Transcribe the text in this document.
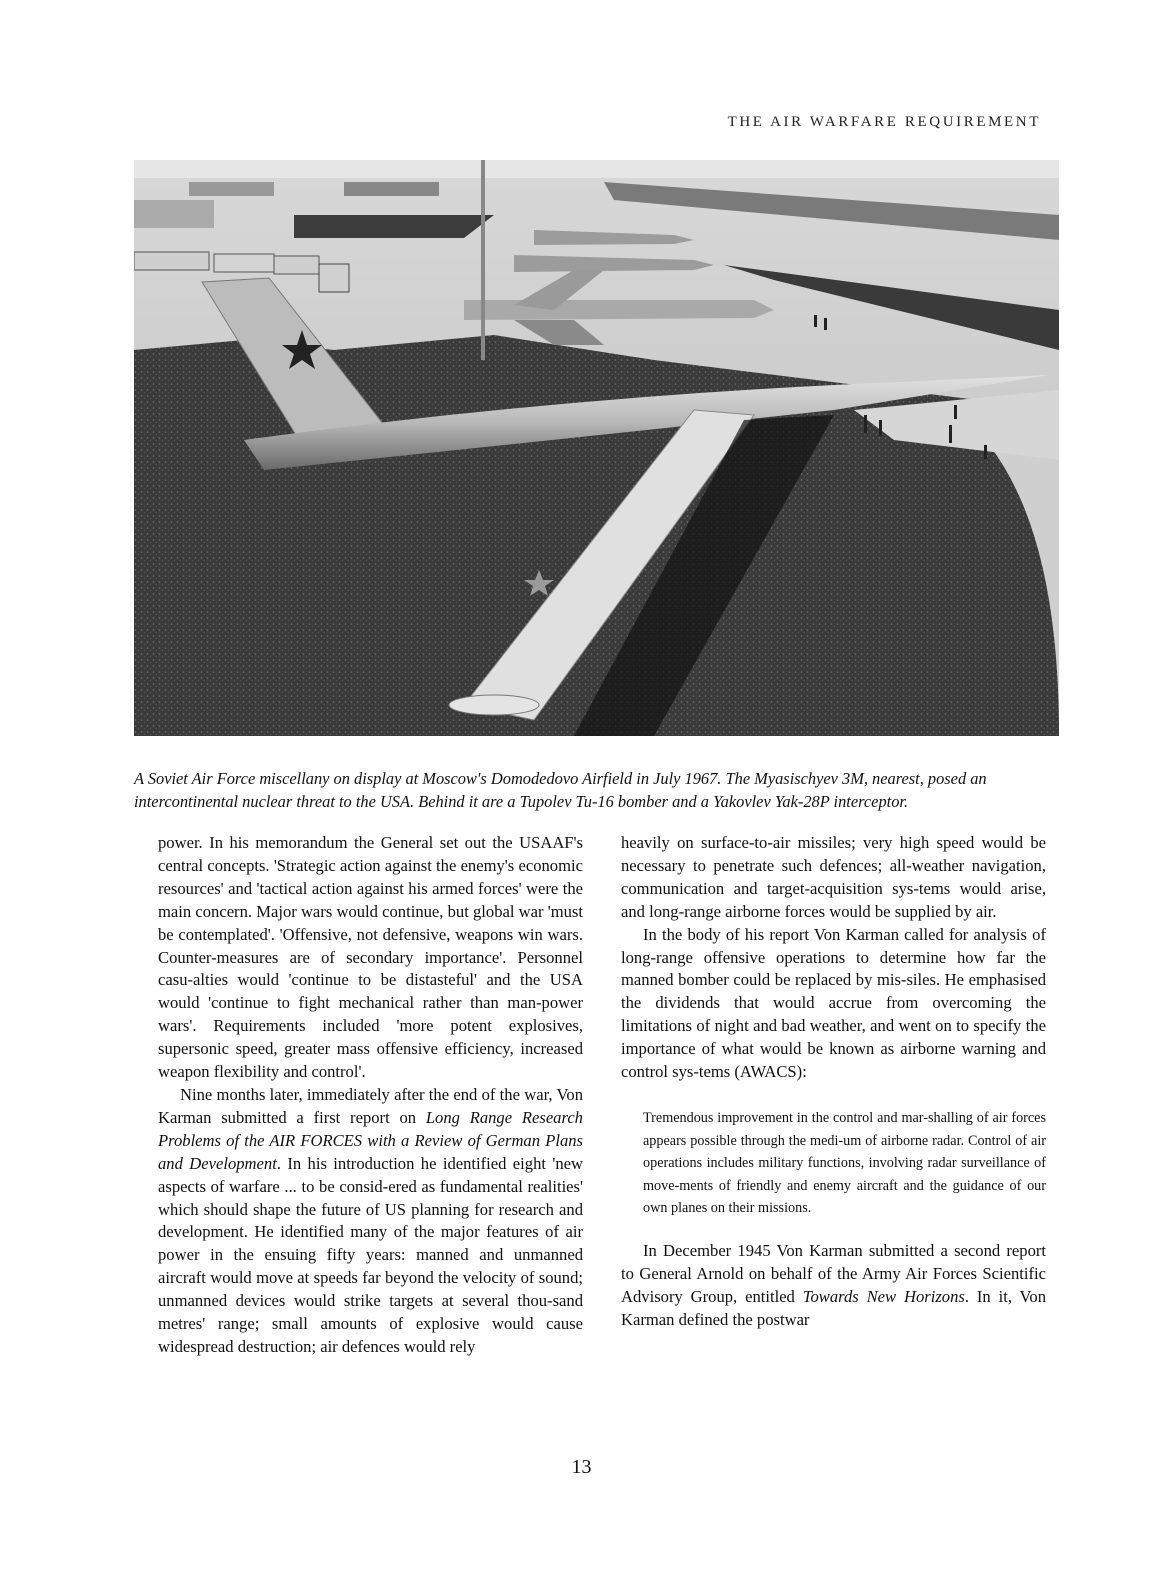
THE AIR WARFARE REQUIREMENT
A Soviet Air Force miscellany on display at Moscow's Domodedovo Airfield in July 1967. The Myasischyev 3M, nearest, posed an intercontinental nuclear threat to the USA. Behind it are a Tupolev Tu-16 bomber and a Yakovlev Yak-28P interceptor.

power. In his memorandum the General set out the USAAF's central concepts. 'Strategic action against the enemy's economic resources' and 'tactical action against his armed forces' were the main concern. Major wars would continue, but global war 'must be contemplated'. 'Offensive, not defensive, weapons win wars. Counter-measures are of secondary importance'. Personnel casu-alties would 'continue to be distasteful' and the USA would 'continue to fight mechanical rather than man-power wars'. Requirements included 'more potent explosives, supersonic speed, greater mass offensive efficiency, increased weapon flexibility and control'.

Nine months later, immediately after the end of the war, Von Karman submitted a first report on Long Range Research Problems of the AIR FORCES with a Review of German Plans and Development. In his introduction he identified eight 'new aspects of warfare ... to be consid-ered as fundamental realities' which should shape the future of US planning for research and development. He identified many of the major features of air power in the ensuing fifty years: manned and unmanned aircraft would move at speeds far beyond the velocity of sound; unmanned devices would strike targets at several thou-sand metres' range; small amounts of explosive would cause widespread destruction; air defences would rely

heavily on surface-to-air missiles; very high speed would be necessary to penetrate such defences; all-weather navigation, communication and target-acquisition sys-tems would arise, and long-range airborne forces would be supplied by air.

In the body of his report Von Karman called for analysis of long-range offensive operations to determine how far the manned bomber could be replaced by mis-siles. He emphasised the dividends that would accrue from overcoming the limitations of night and bad weather, and went on to specify the importance of what would be known as airborne warning and control sys-tems (AWACS):

Tremendous improvement in the control and mar-shalling of air forces appears possible through the medi-um of airborne radar. Control of air operations includes military functions, involving radar surveillance of move-ments of friendly and enemy aircraft and the guidance of our own planes on their missions.

In December 1945 Von Karman submitted a second report to General Arnold on behalf of the Army Air Forces Scientific Advisory Group, entitled Towards New Horizons. In it, Von Karman defined the postwar

13
